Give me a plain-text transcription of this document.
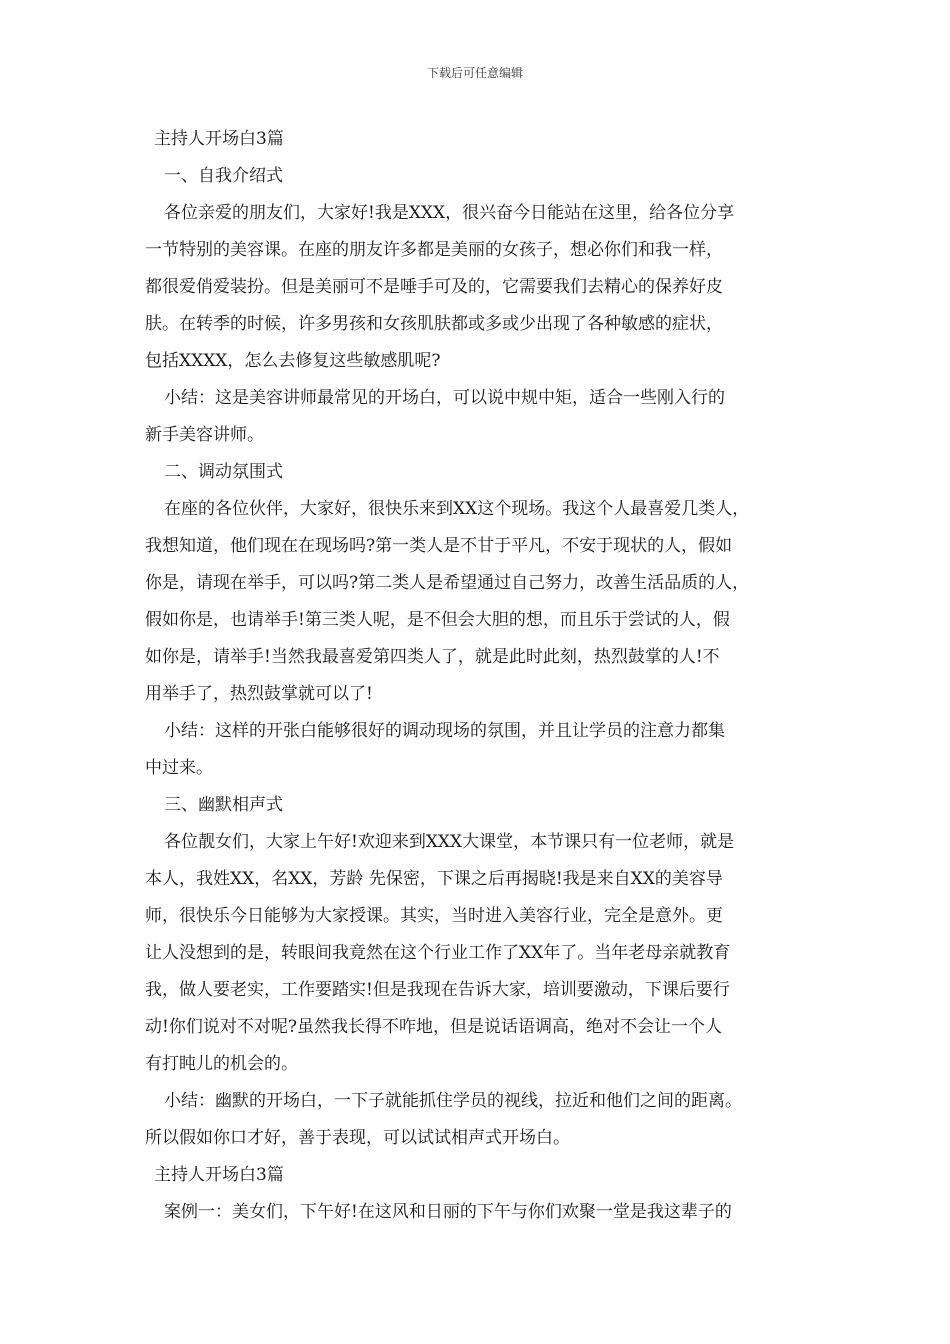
下载后可任意编辑
主持人开场白3篇
一、自我介绍式
各位亲爱的朋友们，大家好!我是XXX，很兴奋今日能站在这里，给各位分享
一节特别的美容课。在座的朋友许多都是美丽的女孩子，想必你们和我一样，
都很爱俏爱装扮。但是美丽可不是唾手可及的，它需要我们去精心的保养好皮
肤。在转季的时候，许多男孩和女孩肌肤都或多或少出现了各种敏感的症状，
包括XXXX，怎么去修复这些敏感肌呢?
小结：这是美容讲师最常见的开场白，可以说中规中矩，适合一些刚入行的
新手美容讲师。
二、调动氛围式
在座的各位伙伴，大家好，很快乐来到XX这个现场。我这个人最喜爱几类人，
我想知道，他们现在在现场吗?第一类人是不甘于平凡，不安于现状的人，假如
你是，请现在举手，可以吗?第二类人是希望通过自己努力，改善生活品质的人，
假如你是，也请举手!第三类人呢，是不但会大胆的想，而且乐于尝试的人，假
如你是，请举手!当然我最喜爱第四类人了，就是此时此刻，热烈鼓掌的人!不
用举手了，热烈鼓掌就可以了!
小结：这样的开张白能够很好的调动现场的氛围，并且让学员的注意力都集
中过来。
三、幽默相声式
各位靓女们，大家上午好!欢迎来到XXX大课堂，本节课只有一位老师，就是
本人，我姓XX，名XX，芳龄 先保密，下课之后再揭晓!我是来自XX的美容导
师，很快乐今日能够为大家授课。其实，当时进入美容行业，完全是意外。更
让人没想到的是，转眼间我竟然在这个行业工作了XX年了。当年老母亲就教育
我，做人要老实，工作要踏实!但是我现在告诉大家，培训要激动，下课后要行
动!你们说对不对呢?虽然我长得不咋地，但是说话语调高，绝对不会让一个人
有打盹儿的机会的。
小结：幽默的开场白，一下子就能抓住学员的视线，拉近和他们之间的距离。
所以假如你口才好，善于表现，可以试试相声式开场白。
主持人开场白3篇
案例一：美女们，下午好!在这风和日丽的下午与你们欢聚一堂是我这辈子的
